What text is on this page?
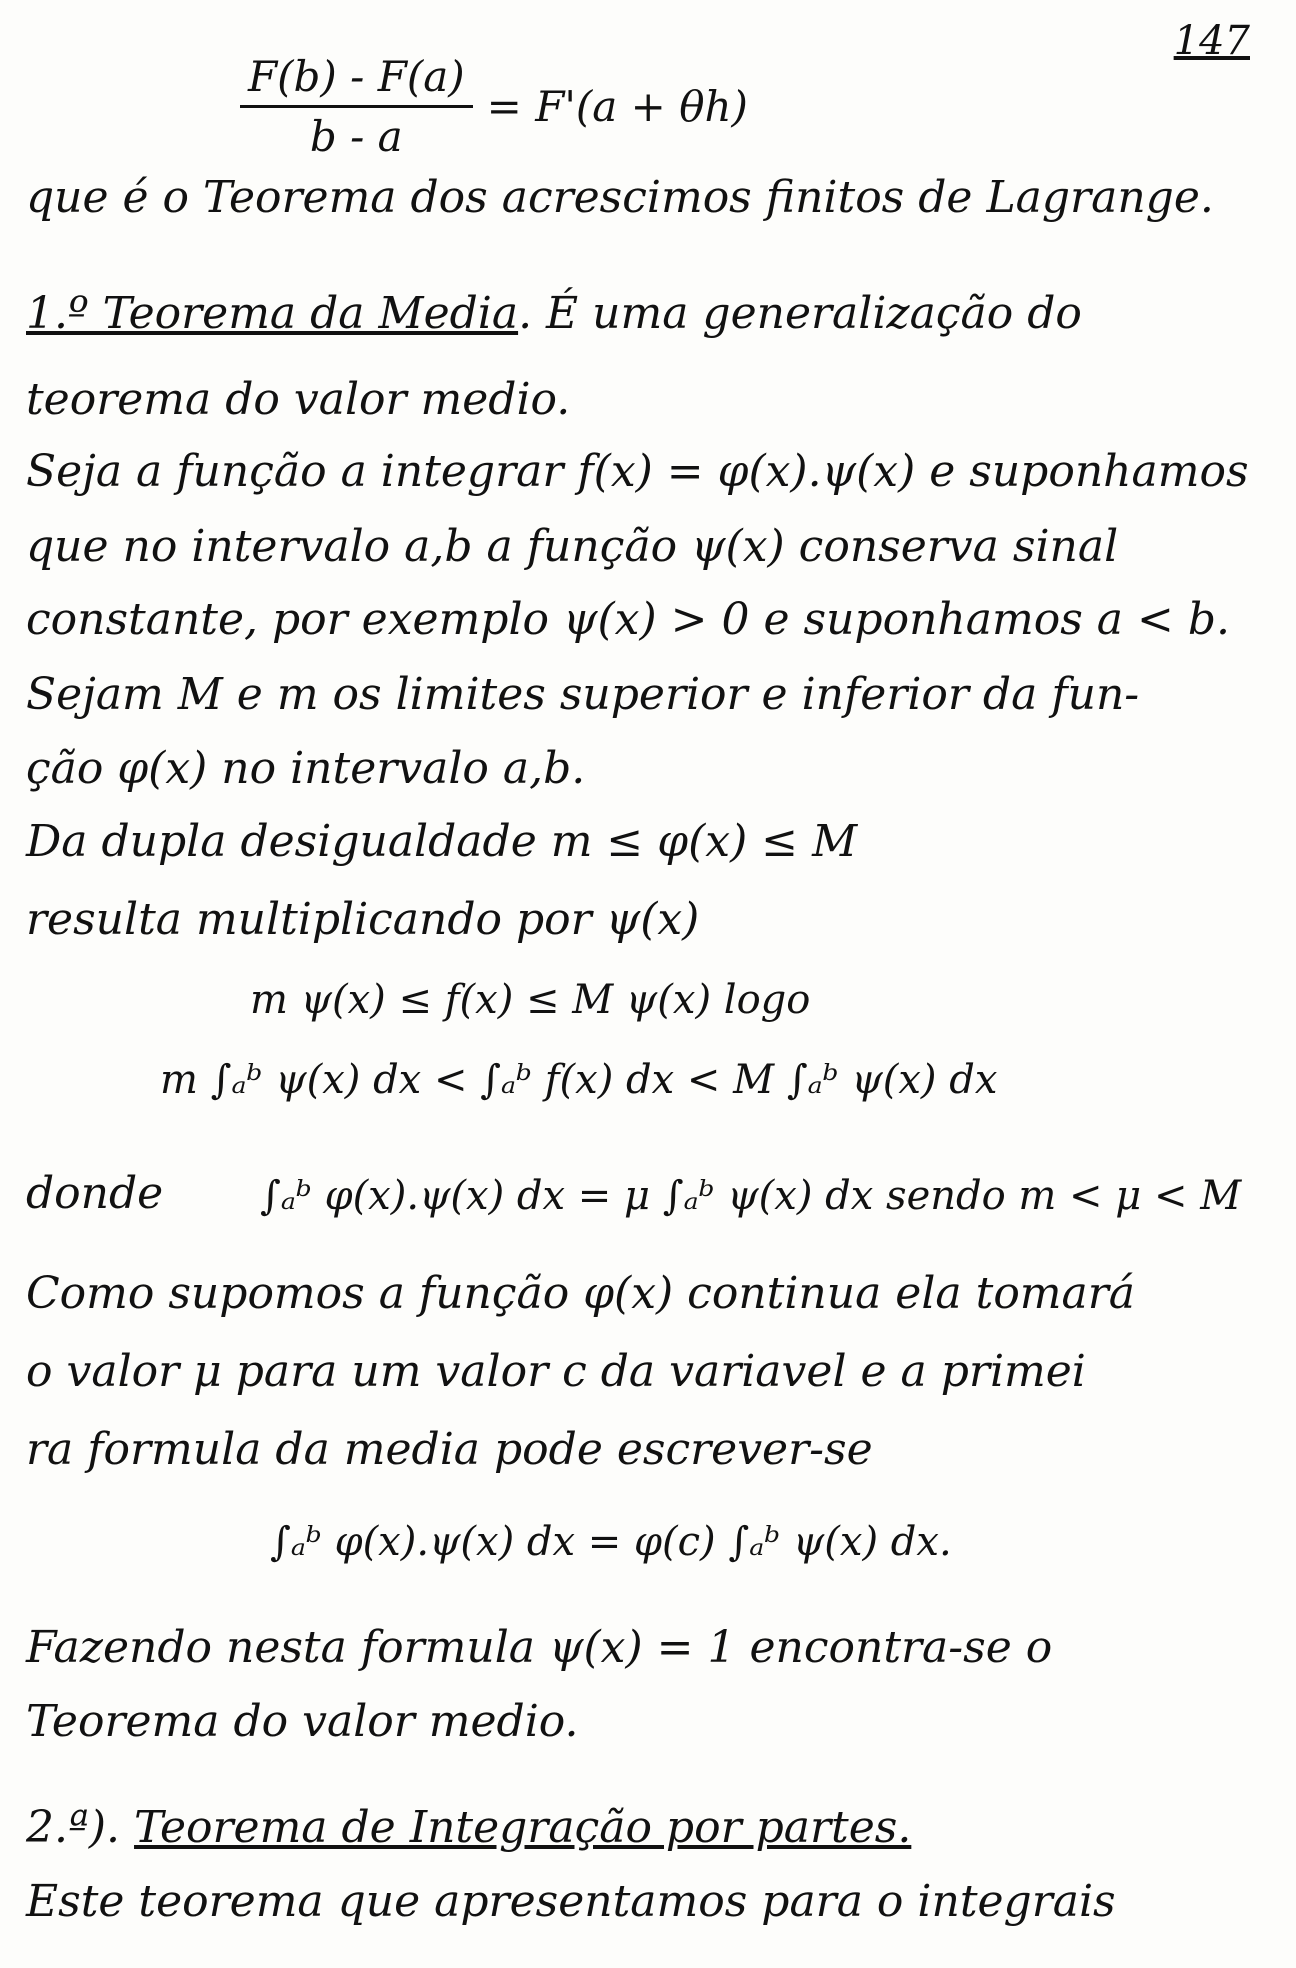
147
$\frac{F(b) - F(a)}{b - a} = F'(a + \theta h)$
que é o Teorema dos acrescimos finitos de Lagrange.
1.º Teorema da Media. É uma generalização do
teorema do valor medio.
Seja a função a integrar f(x) = φ(x).ψ(x) e suponhamos
que no intervalo a,b a função ψ(x) conserva sinal
constante, por exemplo ψ(x) > 0 e suponhamos a < b.
Sejam M e m os limites superior e inferior da fun-
ção φ(x) no intervalo a,b.
Da dupla desigualdade m ≤ φ(x) ≤ M
resulta multiplicando por ψ(x)
m ψ(x) ≤ f(x) ≤ M ψ(x) logo
m ∫ₐᵇ ψ(x) dx < ∫ₐᵇ f(x) dx < M ∫ₐᵇ ψ(x) dx
donde ∫ₐᵇ φ(x).ψ(x) dx = μ ∫ₐᵇ ψ(x) dx sendo m < μ < M
Como supomos a função φ(x) continua ela tomará
o valor μ para um valor c da variavel e a primei
ra formula da media pode escrever-se
∫ₐᵇ φ(x).ψ(x) dx = φ(c) ∫ₐᵇ ψ(x) dx.
Fazendo nesta formula ψ(x) = 1 encontra-se o
Teorema do valor medio.
2.ª). Teorema de Integração por partes.
Este teorema que apresentamos para o integrais
